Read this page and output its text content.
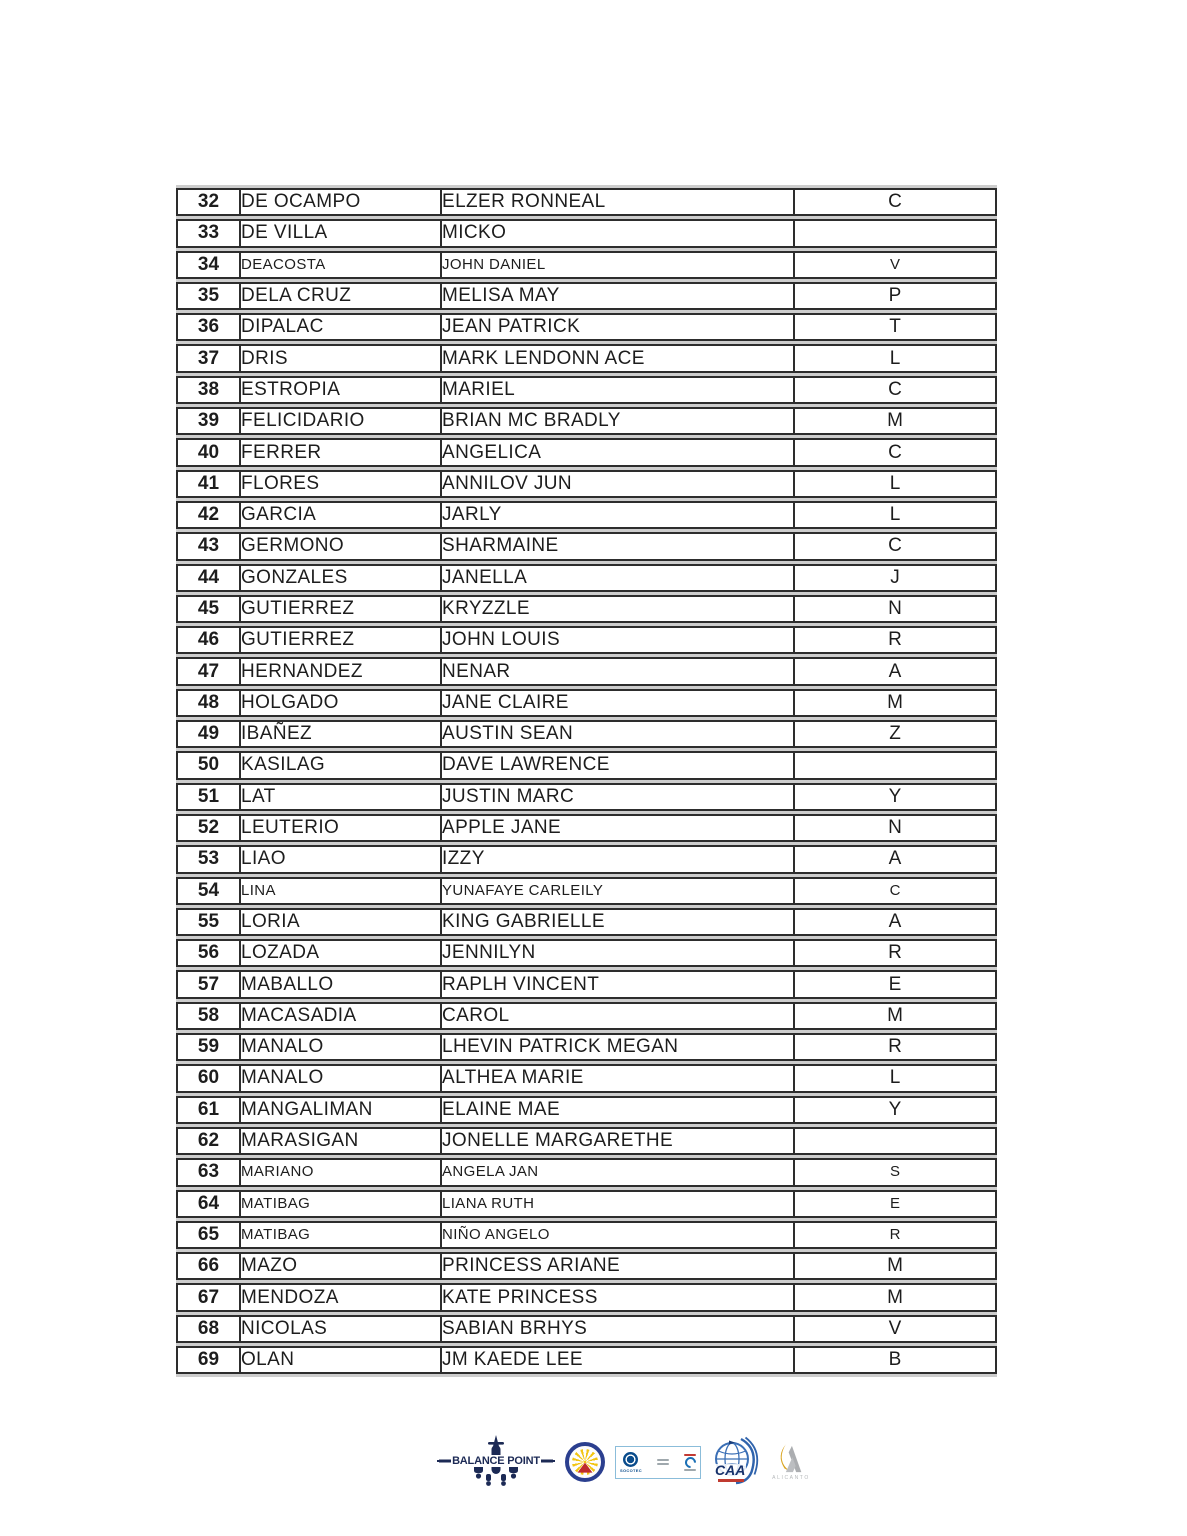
32	DE OCAMPO	ELZER RONNEAL	C
33	DE VILLA	MICKO	
34	DEACOSTA	JOHN DANIEL	V
35	DELA CRUZ	MELISA MAY	P
36	DIPALAC	JEAN PATRICK	T
37	DRIS	MARK LENDONN ACE	L
38	ESTROPIA	MARIEL	C
39	FELICIDARIO	BRIAN MC BRADLY	M
40	FERRER	ANGELICA	C
41	FLORES	ANNILOV JUN	L
42	GARCIA	JARLY	L
43	GERMONO	SHARMAINE	C
44	GONZALES	JANELLA	J
45	GUTIERREZ	KRYZZLE	N
46	GUTIERREZ	JOHN LOUIS	R
47	HERNANDEZ	NENAR	A
48	HOLGADO	JANE CLAIRE	M
49	IBAÑEZ	AUSTIN SEAN	Z
50	KASILAG	DAVE LAWRENCE	
51	LAT	JUSTIN MARC	Y
52	LEUTERIO	APPLE JANE	N
53	LIAO	IZZY	A
54	LINA	YUNAFAYE CARLEILY	C
55	LORIA	KING GABRIELLE	A
56	LOZADA	JENNILYN	R
57	MABALLO	RAPLH VINCENT	E
58	MACASADIA	CAROL	M
59	MANALO	LHEVIN PATRICK MEGAN	R
60	MANALO	ALTHEA MARIE	L
61	MANGALIMAN	ELAINE MAE	Y
62	MARASIGAN	JONELLE MARGARETHE	
63	MARIANO	ANGELA JAN	S
64	MATIBAG	LIANA RUTH	E
65	MATIBAG	NIÑO ANGELO	R
66	MAZO	PRINCESS ARIANE	M
67	MENDOZA	KATE PRINCESS	M
68	NICOLAS	SABIAN BRHYS	V
69	OLAN	JM KAEDE LEE	B
BALANCE POINT
SOCOTEC	CAA	ALICANTO
